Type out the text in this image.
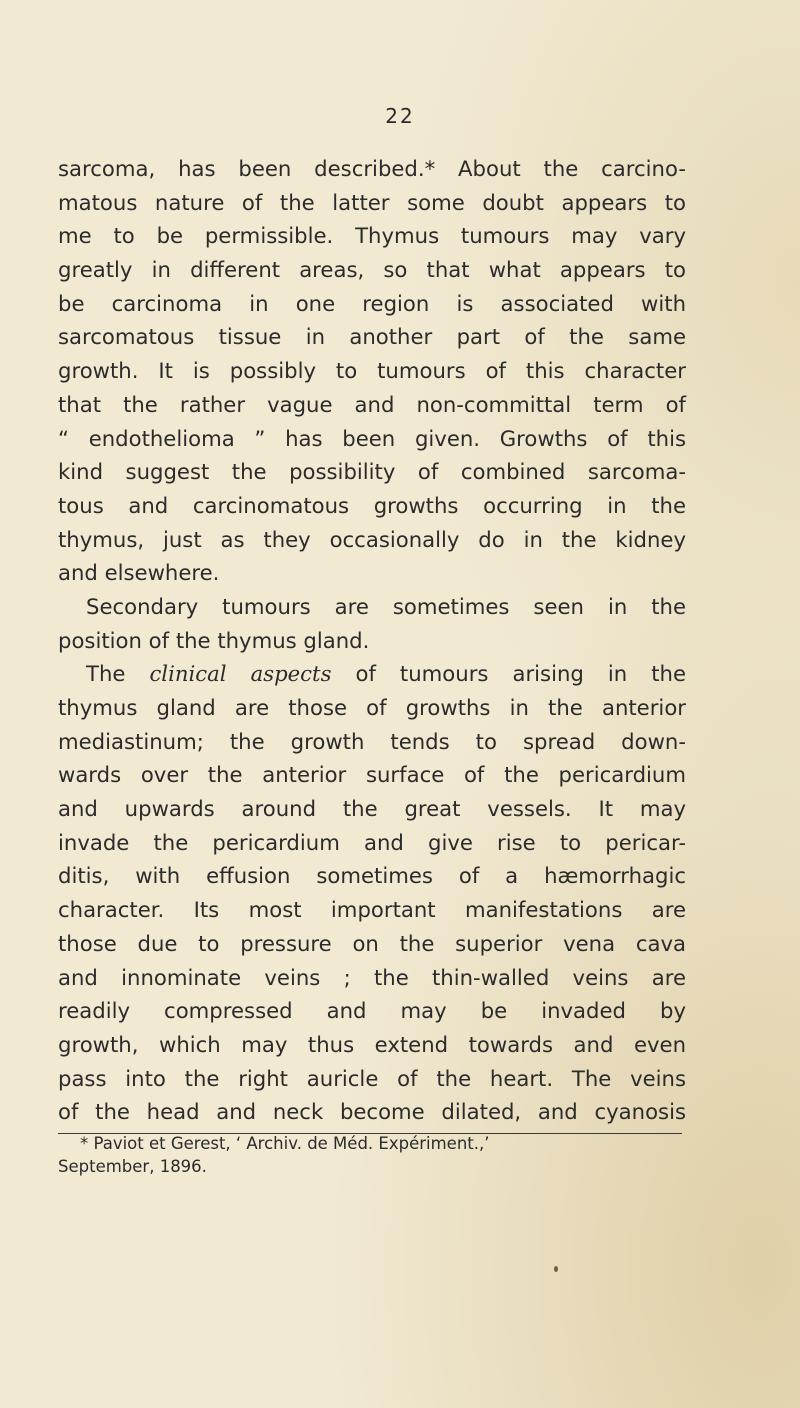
22
sarcoma, has been described.* About the carcino-
matous nature of the latter some doubt appears to
me to be permissible. Thymus tumours may vary
greatly in different areas, so that what appears to
be carcinoma in one region is associated with
sarcomatous tissue in another part of the same
growth. It is possibly to tumours of this character
that the rather vague and non-committal term of
“ endothelioma ” has been given. Growths of this
kind suggest the possibility of combined sarcoma-
tous and carcinomatous growths occurring in the
thymus, just as they occasionally do in the kidney
and elsewhere.
Secondary tumours are sometimes seen in the
position of the thymus gland.
The clinical aspects of tumours arising in the
thymus gland are those of growths in the anterior
mediastinum; the growth tends to spread down-
wards over the anterior surface of the pericardium
and upwards around the great vessels. It may
invade the pericardium and give rise to pericar-
ditis, with effusion sometimes of a hæmorrhagic
character. Its most important manifestations are
those due to pressure on the superior vena cava
and innominate veins ; the thin-walled veins are
readily compressed and may be invaded by
growth, which may thus extend towards and even
pass into the right auricle of the heart. The veins
of the head and neck become dilated, and cyanosis
* Paviot et Gerest, ‘ Archiv. de Méd. Expériment.,’
September, 1896.
